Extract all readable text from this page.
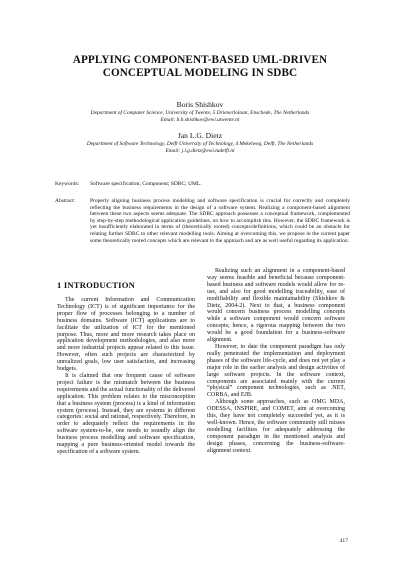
APPLYING COMPONENT-BASED UML-DRIVEN
CONCEPTUAL MODELING IN SDBC
Boris Shishkov
Department of Computer Science, University of Twente, 5 Drienerlolaan, Enschede, The Netherlands
Email: b.b.shishkov@ewi.utwente.nl
Jan L.G. Dietz
Department of Software Technology, Delft University of Technology, 4 Mekelweg, Delft, The Netherlands
Email: j.l.g.dietz@ewi.tudelft.nl
Keywords:	Software specification; Component; SDBC; UML.
Abstract:	Properly aligning business process modelling and software specification is crucial for correctly and completely reflecting the business requirements in the design of a software system. Realizing a component-based alignment between these two aspects seems adequate. The SDBC approach possesses a conceptual framework, complemented by step-by-step methodological application guidelines, on how to accomplish this. However, the SDBC framework is yet insufficiently elaborated in terms of (theoretically rooted) concepts/definitions, which could be an obstacle for relating further SDBC to other relevant modelling tools. Aiming at overcoming this, we propose in the current paper some theoretically rooted concepts which are relevant to the approach and are as well useful regarding its application.
1 INTRODUCTION

The current Information and Communication Technology (ICT) is of significant importance for the proper flow of processes belonging to a number of business domains. Software (ICT) applications are to facilitate the utilization of ICT for the mentioned purpose. Thus, more and more research takes place on application development methodologies, and also more and more industrial projects appear related to this issue. However, often such projects are characterized by unrealized goals, low user satisfaction, and increasing budgets.

It is claimed that one frequent cause of software project failure is the mismatch between the business requirements and the actual functionality of the delivered application. This problem relates to the misconception that a business system (process) is a kind of information system (process). Instead, they are systems in different categories: social and rational, respectively. Therefore, in order to adequately reflect the requirements in the software system-to-be, one needs to soundly align the business process modelling and software specification, mapping a pure business-oriented model towards the specification of a software system.

Realizing such an alignment in a component-based way seems feasible and beneficial because component-based business and software models would allow for re-use, and also for good modelling traceability, ease of modifiability and flexible maintainability (Shishkov & Dietz, 2004-2). Next to that, a business component would concern business process modelling concepts while a software component would concern software concepts; hence, a rigorous mapping between the two would be a good foundation for a business-software alignment.

However, to date the component paradigm has only really penetrated the implementation and deployment phases of the software life-cycle, and does not yet play a major role in the earlier analysis and design activities of large software projects. In the software context, components are associated mainly with the current “physical” component technologies, such as .NET, CORBA, and EJB.

Although some approaches, such as OMG MDA, ODESSA, INSPIRE, and COMET, aim at overcoming this, they have not completely succeeded yet, as it is well-known. Hence, the software community still misses modelling facilities for adequately addressing the component paradigm in the mentioned analysis and design phases, concerning the business-software-alignment context.

417
